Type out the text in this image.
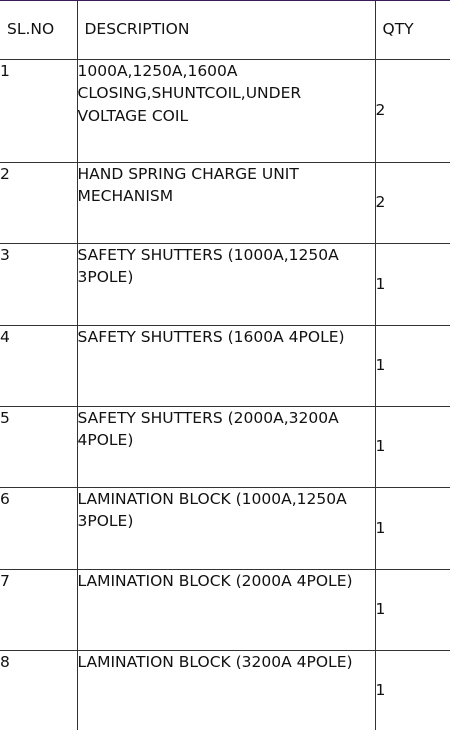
SL.NO	DESCRIPTION	QTY
1	1000A,1250A,1600A CLOSING,SHUNTCOIL,UNDER VOLTAGE COIL	2
2	HAND SPRING CHARGE UNIT MECHANISM	2
3	SAFETY SHUTTERS (1000A,1250A 3POLE)	1
4	SAFETY SHUTTERS (1600A 4POLE)	1
5	SAFETY SHUTTERS (2000A,3200A 4POLE)	1
6	LAMINATION BLOCK (1000A,1250A 3POLE)	1
7	LAMINATION BLOCK (2000A 4POLE)	1
8	LAMINATION BLOCK (3200A 4POLE)	1
